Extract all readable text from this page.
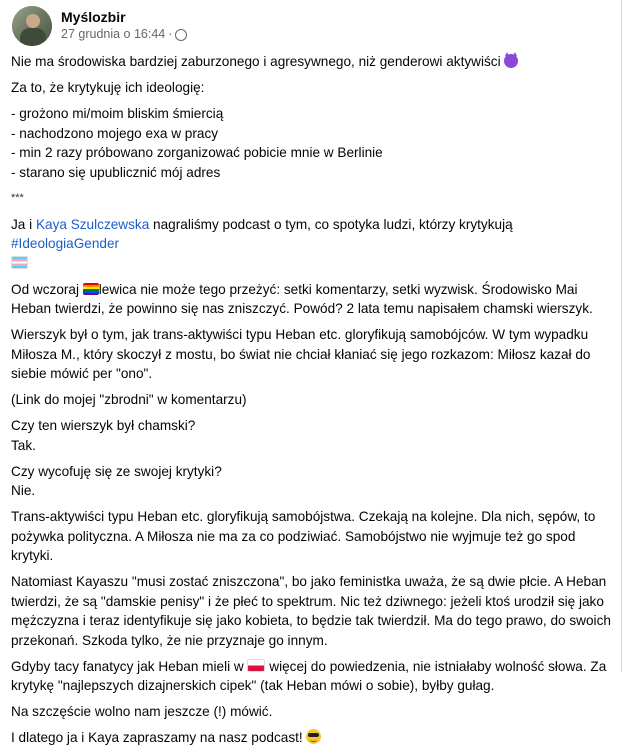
Myślozbir
27 grudnia o 16:44 ·

Nie ma środowiska bardziej zaburzonego i agresywnego, niż genderowi aktywiści

Za to, że krytykuję ich ideologię:

- grożono mi/moim bliskim śmiercią
- nachodzono mojego exa w pracy
- min 2 razy próbowano zorganizować pobicie mnie w Berlinie
- starano się upublicznić mój adres

***

Ja i Kaya Szulczewska nagraliśmy podcast o tym, co spotyka ludzi, którzy krytykują #IdeologiaGender

Od wczoraj lewica nie może tego przeżyć: setki komentarzy, setki wyzwisk. Środowisko Mai Heban twierdzi, że powinno się nas zniszczyć. Powód? 2 lata temu napisałem chamski wierszyk.

Wierszyk był o tym, jak trans-aktywiści typu Heban etc. gloryfikują samobójców. W tym wypadku Miłosza M., który skoczył z mostu, bo świat nie chciał kłaniać się jego rozkazom: Miłosz kazał do siebie mówić per "ono".

(Link do mojej "zbrodni" w komentarzu)

Czy ten wierszyk był chamski?
Tak.

Czy wycofuję się ze swojej krytyki?
Nie.

Trans-aktywiści typu Heban etc. gloryfikują samobójstwa. Czekają na kolejne. Dla nich, sępów, to pożywka polityczna. A Miłosza nie ma za co podziwiać. Samobójstwo nie wyjmuje też go spod krytyki.

Natomiast Kayaszu "musi zostać zniszczona", bo jako feministka uważa, że są dwie płcie. A Heban twierdzi, że są "damskie penisy" i że płeć to spektrum. Nic też dziwnego: jeżeli ktoś urodził się jako mężczyzna i teraz identyfikuje się jako kobieta, to będzie tak twierdził. Ma do tego prawo, do swoich przekonań. Szkoda tylko, że nie przyznaje go innym.

Gdyby tacy fanatycy jak Heban mieli w  więcej do powiedzenia, nie istniałaby wolność słowa. Za krytykę "najlepszych dizajnerskich cipek" (tak Heban mówi o sobie), byłby gułag.

Na szczęście wolno nam jeszcze (!) mówić.

I dlatego ja i Kaya zapraszamy na nasz podcast!
